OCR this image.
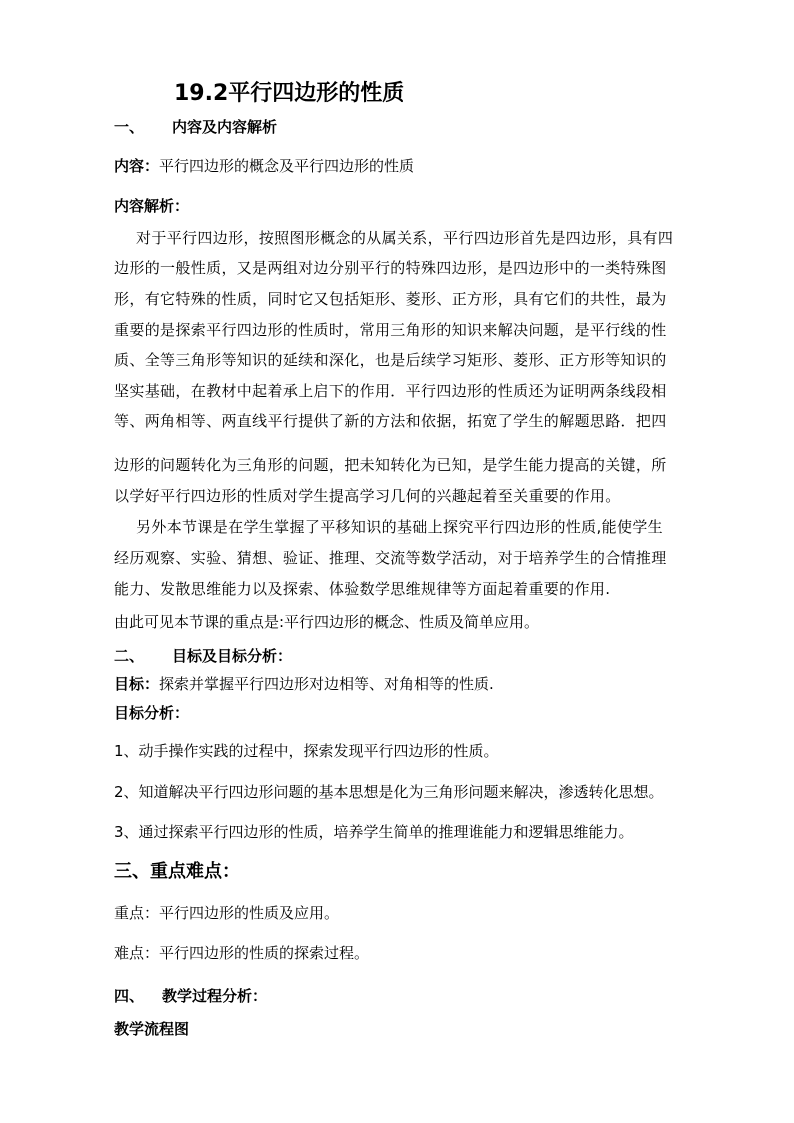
19.2平行四边形的性质
一、 内容及内容解析
内容：平行四边形的概念及平行四边形的性质
内容解析：
对于平行四边形，按照图形概念的从属关系，平行四边形首先是四边形，具有四
边形的一般性质，又是两组对边分别平行的特殊四边形，是四边形中的一类特殊图
形，有它特殊的性质，同时它又包括矩形、菱形、正方形，具有它们的共性，最为
重要的是探索平行四边形的性质时，常用三角形的知识来解决问题，是平行线的性
质、全等三角形等知识的延续和深化，也是后续学习矩形、菱形、正方形等知识的
坚实基础，在教材中起着承上启下的作用．平行四边形的性质还为证明两条线段相
等、两角相等、两直线平行提供了新的方法和依据，拓宽了学生的解题思路．把四
边形的问题转化为三角形的问题，把未知转化为已知，是学生能力提高的关键，所
以学好平行四边形的性质对学生提高学习几何的兴趣起着至关重要的作用。
另外本节课是在学生掌握了平移知识的基础上探究平行四边形的性质,能使学生
经历观察、实验、猜想、验证、推理、交流等数学活动，对于培养学生的合情推理
能力、发散思维能力以及探索、体验数学思维规律等方面起着重要的作用.
由此可见本节课的重点是:平行四边形的概念、性质及简单应用。
二、 目标及目标分析：
目标：探索并掌握平行四边形对边相等、对角相等的性质.
目标分析：
1、动手操作实践的过程中，探索发现平行四边形的性质。
2、知道解决平行四边形问题的基本思想是化为三角形问题来解决，渗透转化思想。
3、通过探索平行四边形的性质，培养学生简单的推理谁能力和逻辑思维能力。
三、重点难点：
重点：平行四边形的性质及应用。
难点：平行四边形的性质的探索过程。
四、 教学过程分析：
教学流程图
